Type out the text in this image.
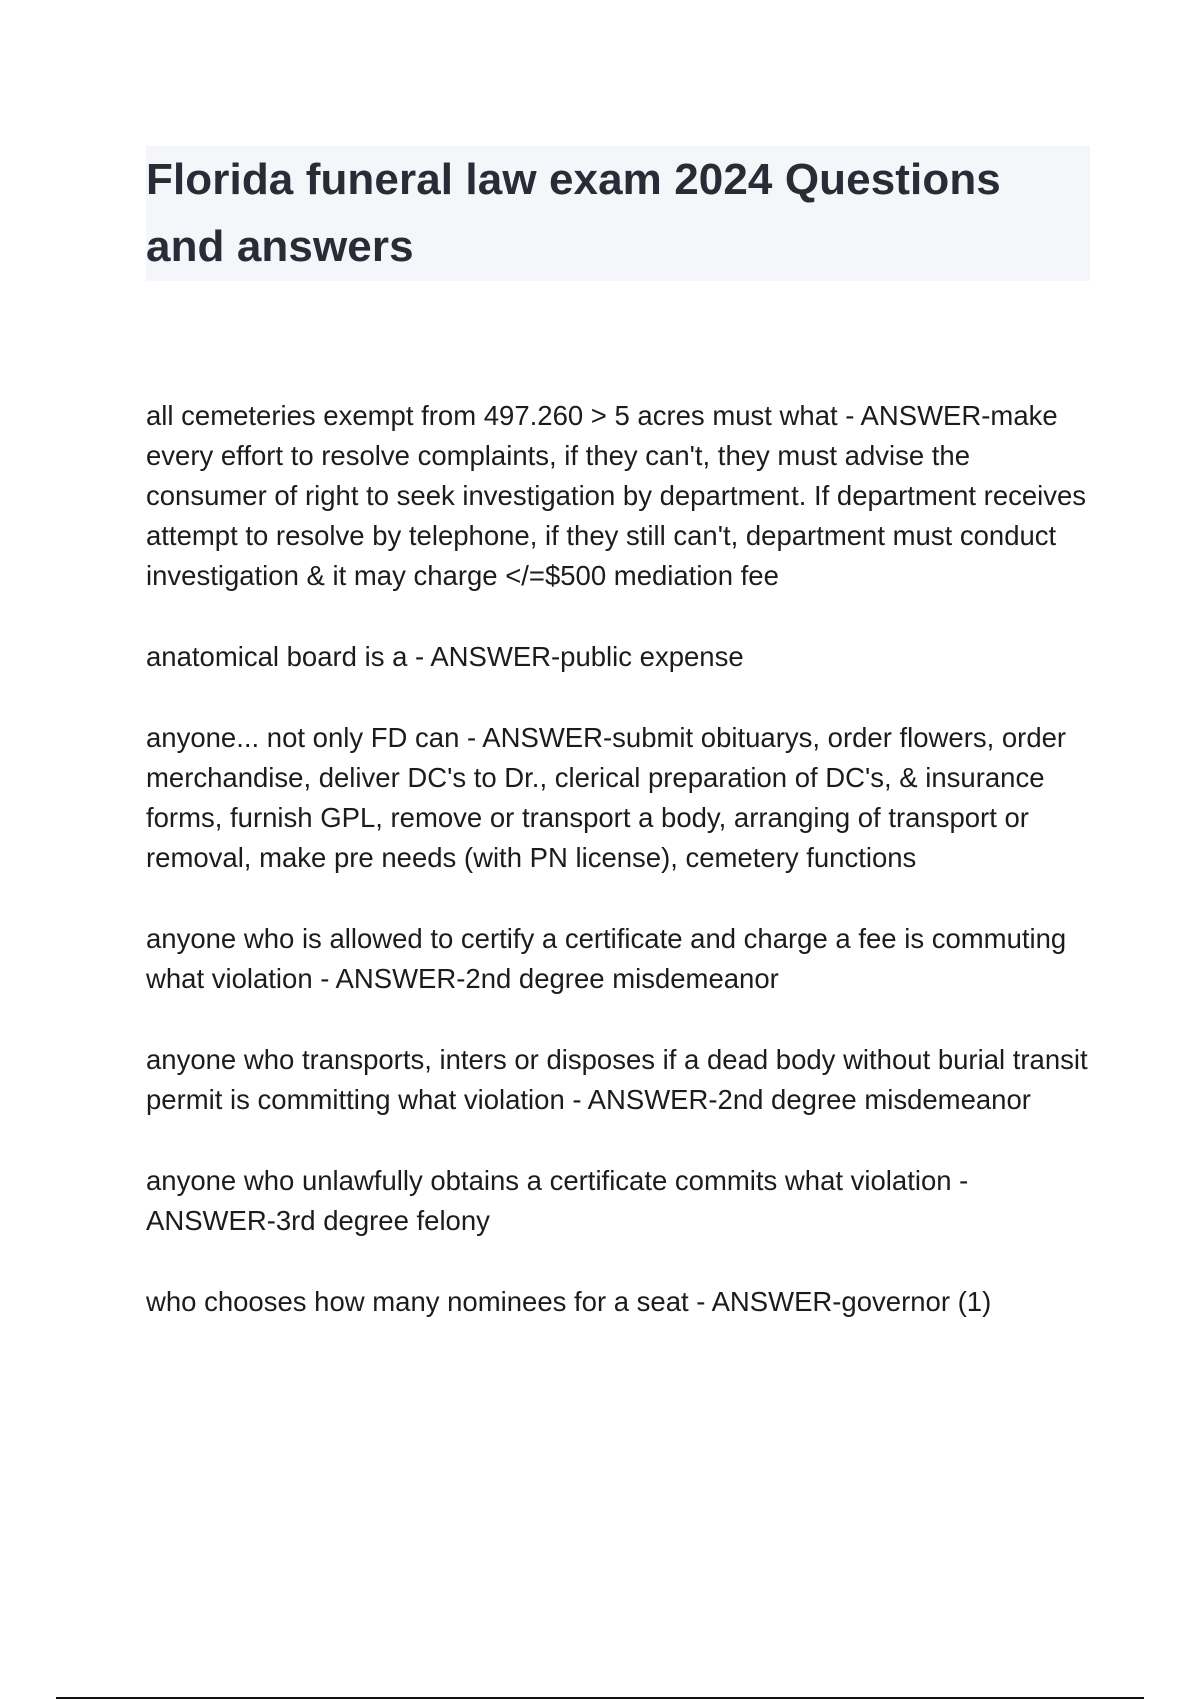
Florida funeral law exam 2024 Questions and answers

all cemeteries exempt from 497.260 > 5 acres must what - ANSWER-make every effort to resolve complaints, if they can't, they must advise the consumer of right to seek investigation by department. If department receives attempt to resolve by telephone, if they still can't, department must conduct investigation & it may charge </=$500 mediation fee

anatomical board is a - ANSWER-public expense

anyone... not only FD can - ANSWER-submit obituarys, order flowers, order merchandise, deliver DC's to Dr., clerical preparation of DC's, & insurance forms, furnish GPL, remove or transport a body, arranging of transport or removal, make pre needs (with PN license), cemetery functions

anyone who is allowed to certify a certificate and charge a fee is commuting what violation - ANSWER-2nd degree misdemeanor

anyone who transports, inters or disposes if a dead body without burial transit permit is committing what violation - ANSWER-2nd degree misdemeanor

anyone who unlawfully obtains a certificate commits what violation - ANSWER-3rd degree felony

who chooses how many nominees for a seat - ANSWER-governor (1)
